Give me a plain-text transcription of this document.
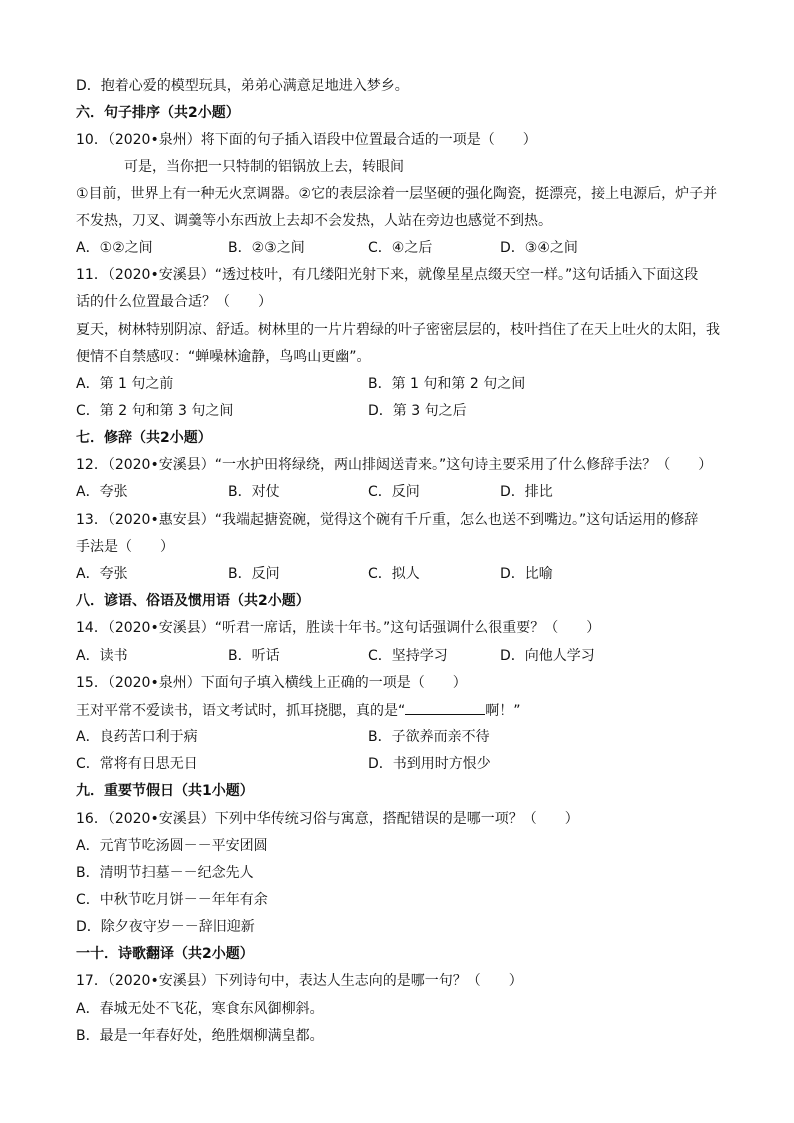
D．抱着心爱的模型玩具，弟弟心满意足地进入梦乡。
六．句子排序（共2小题）
10．（2020•泉州）将下面的句子插入语段中位置最合适的一项是（　　）
可是，当你把一只特制的铝锅放上去，转眼间
①目前，世界上有一种无火烹调器。②它的表层涂着一层坚硬的强化陶瓷，挺漂亮，接上电源后，炉子并
不发热，刀叉、调羹等小东西放上去却不会发热，人站在旁边也感觉不到热。
A．①②之间	B．②③之间	C．④之后	D．③④之间
11．（2020•安溪县）“透过枝叶，有几缕阳光射下来，就像星星点缀天空一样。”这句话插入下面这段
话的什么位置最合适？（　　）
夏天，树林特别阴凉、舒适。树林里的一片片碧绿的叶子密密层层的，枝叶挡住了在天上吐火的太阳，我
便情不自禁感叹：“蝉噪林逾静，鸟鸣山更幽”。
A．第 1 句之前	B．第 1 句和第 2 句之间
C．第 2 句和第 3 句之间	D．第 3 句之后
七．修辞（共2小题）
12．（2020•安溪县）“一水护田将绿绕，两山排闼送青来。”这句诗主要采用了什么修辞手法？（　　）
A．夸张	B．对仗	C．反问	D．排比
13．（2020•惠安县）“我端起搪瓷碗，觉得这个碗有千斤重，怎么也送不到嘴边。”这句话运用的修辞
手法是（　　）
A．夸张	B．反问	C．拟人	D．比喻
八．谚语、俗语及惯用语（共2小题）
14．（2020•安溪县）“听君一席话，胜读十年书。”这句话强调什么很重要？（　　）
A．读书	B．听话	C．坚持学习	D．向他人学习
15．（2020•泉州）下面句子填入横线上正确的一项是（　　）
王对平常不爱读书，语文考试时，抓耳挠腮，真的是“	啊！”
A．良药苦口利于病	B．子欲养而亲不待
C．常将有日思无日	D．书到用时方恨少
九．重要节假日（共1小题）
16．（2020•安溪县）下列中华传统习俗与寓意，搭配错误的是哪一项？（　　）
A．元宵节吃汤圆－－平安团圆
B．清明节扫墓－－纪念先人
C．中秋节吃月饼－－年年有余
D．除夕夜守岁－－辞旧迎新
一十．诗歌翻译（共2小题）
17．（2020•安溪县）下列诗句中，表达人生志向的是哪一句？（　　）
A．春城无处不飞花，寒食东风御柳斜。
B．最是一年春好处，绝胜烟柳满皇都。
